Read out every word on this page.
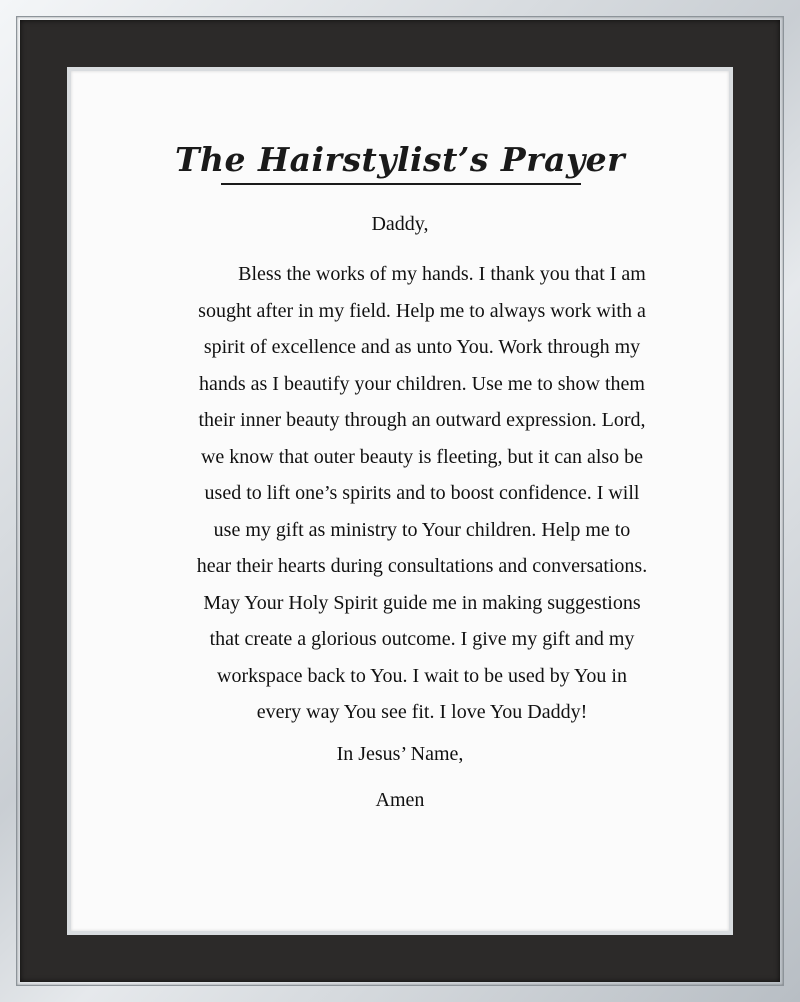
The Hairstylist’s Prayer

Daddy,

Bless the works of my hands. I thank you that I am
sought after in my field. Help me to always work with a
spirit of excellence and as unto You. Work through my
hands as I beautify your children. Use me to show them
their inner beauty through an outward expression. Lord,
we know that outer beauty is fleeting, but it can also be
used to lift one’s spirits and to boost confidence. I will
use my gift as ministry to Your children. Help me to
hear their hearts during consultations and conversations.
May Your Holy Spirit guide me in making suggestions
that create a glorious outcome. I give my gift and my
workspace back to You. I wait to be used by You in
every way You see fit. I love You Daddy!

In Jesus’ Name,

Amen
